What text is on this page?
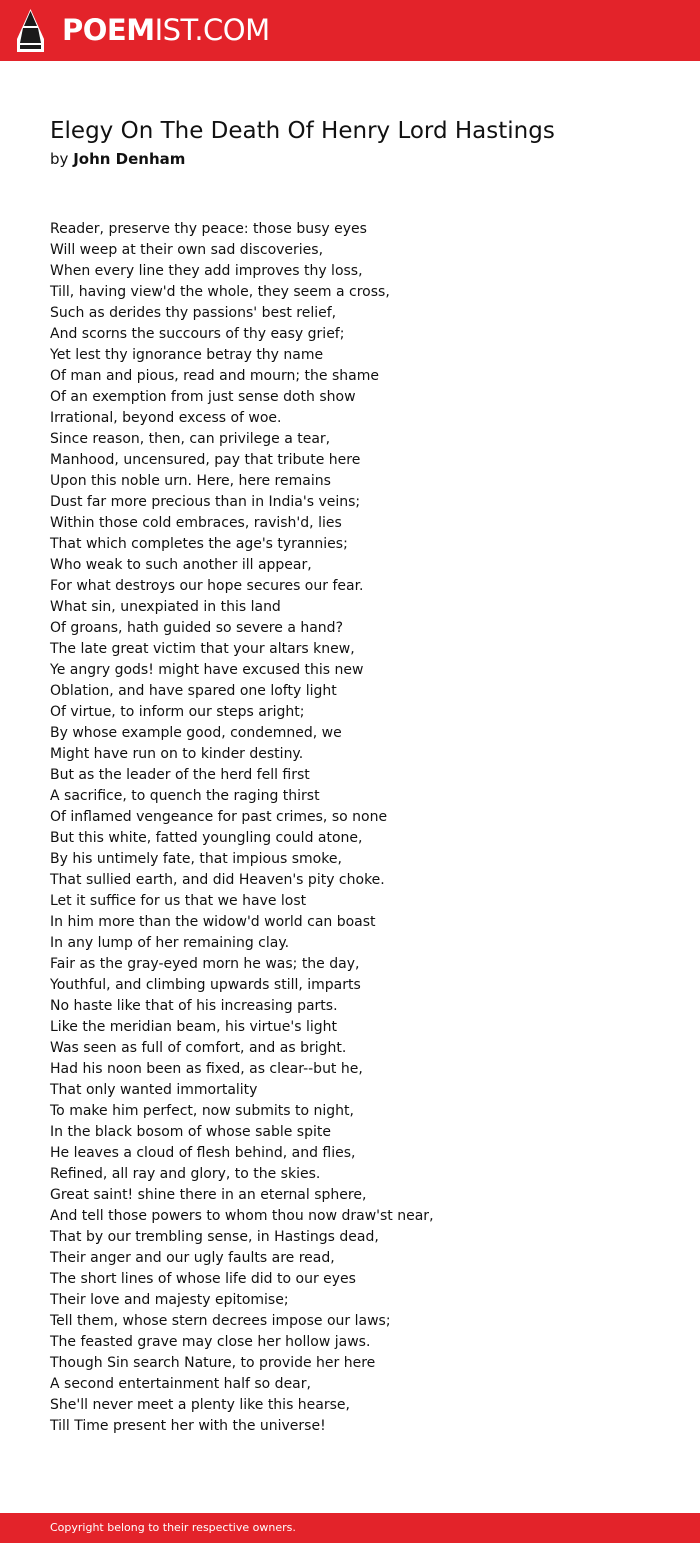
POEMIST.COM
Elegy On The Death Of Henry Lord Hastings
by John Denham
Reader, preserve thy peace: those busy eyes
Will weep at their own sad discoveries,
When every line they add improves thy loss,
Till, having view'd the whole, they seem a cross,
Such as derides thy passions' best relief,
And scorns the succours of thy easy grief;
Yet lest thy ignorance betray thy name
Of man and pious, read and mourn; the shame
Of an exemption from just sense doth show
Irrational, beyond excess of woe.
Since reason, then, can privilege a tear,
Manhood, uncensured, pay that tribute here
Upon this noble urn. Here, here remains
Dust far more precious than in India's veins;
Within those cold embraces, ravish'd, lies
That which completes the age's tyrannies;
Who weak to such another ill appear,
For what destroys our hope secures our fear.
What sin, unexpiated in this land
Of groans, hath guided so severe a hand?
The late great victim that your altars knew,
Ye angry gods! might have excused this new
Oblation, and have spared one lofty light
Of virtue, to inform our steps aright;
By whose example good, condemned, we
Might have run on to kinder destiny.
But as the leader of the herd fell first
A sacrifice, to quench the raging thirst
Of inflamed vengeance for past crimes, so none
But this white, fatted youngling could atone,
By his untimely fate, that impious smoke,
That sullied earth, and did Heaven's pity choke.
Let it suffice for us that we have lost
In him more than the widow'd world can boast
In any lump of her remaining clay.
Fair as the gray-eyed morn he was; the day,
Youthful, and climbing upwards still, imparts
No haste like that of his increasing parts.
Like the meridian beam, his virtue's light
Was seen as full of comfort, and as bright.
Had his noon been as fixed, as clear--but he,
That only wanted immortality
To make him perfect, now submits to night,
In the black bosom of whose sable spite
He leaves a cloud of flesh behind, and flies,
Refined, all ray and glory, to the skies.
Great saint! shine there in an eternal sphere,
And tell those powers to whom thou now draw'st near,
That by our trembling sense, in Hastings dead,
Their anger and our ugly faults are read,
The short lines of whose life did to our eyes
Their love and majesty epitomise;
Tell them, whose stern decrees impose our laws;
The feasted grave may close her hollow jaws.
Though Sin search Nature, to provide her here
A second entertainment half so dear,
She'll never meet a plenty like this hearse,
Till Time present her with the universe!
Copyright belong to their respective owners.
